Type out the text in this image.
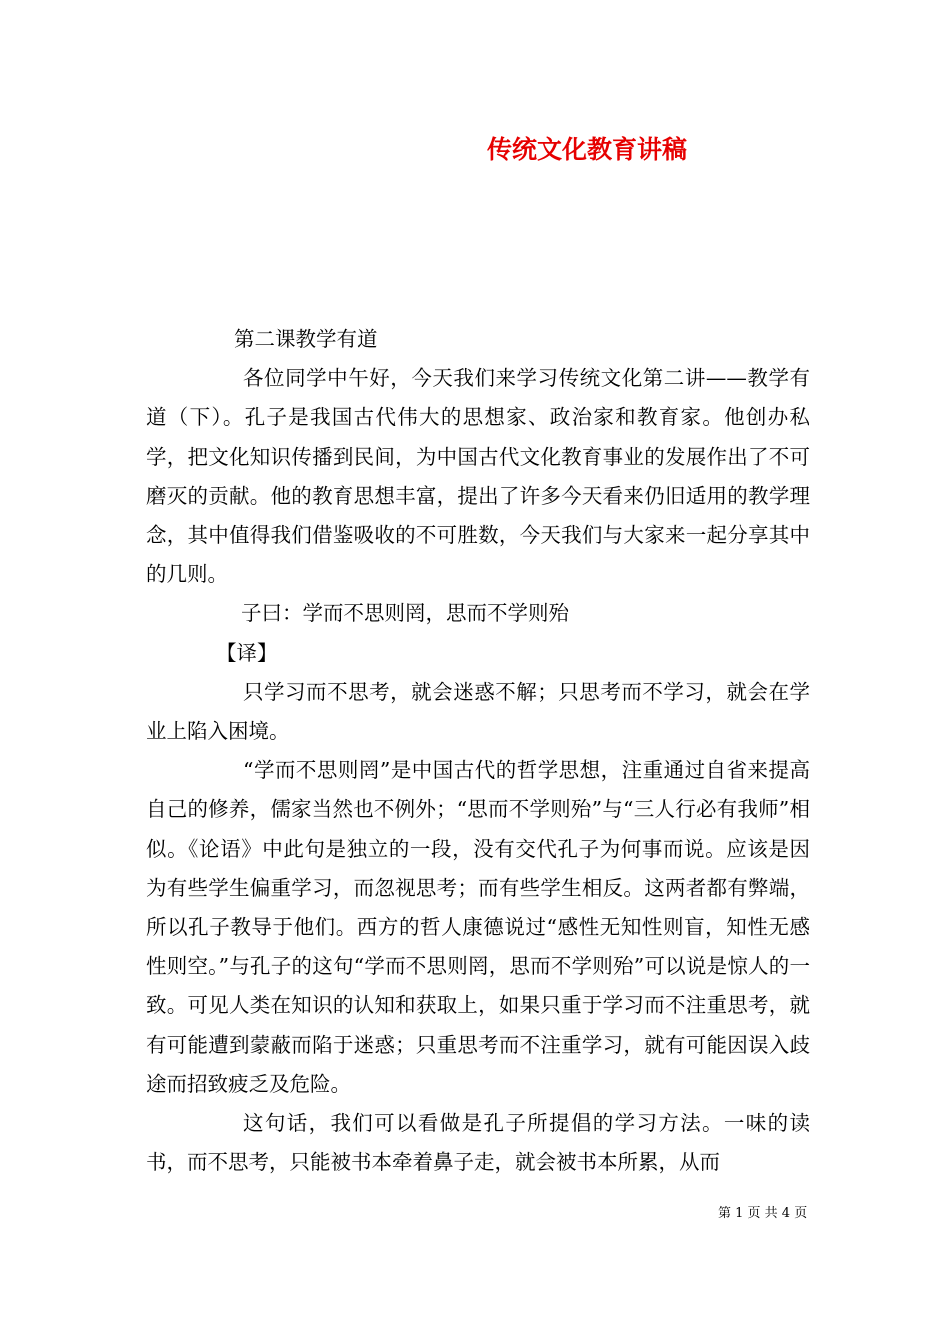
传统文化教育讲稿

第二课教学有道

各位同学中午好，今天我们来学习传统文化第二讲——教学有道（下）。孔子是我国古代伟大的思想家、政治家和教育家。他创办私学，把文化知识传播到民间，为中国古代文化教育事业的发展作出了不可磨灭的贡献。他的教育思想丰富，提出了许多今天看来仍旧适用的教学理念，其中值得我们借鉴吸收的不可胜数，今天我们与大家来一起分享其中的几则。

子曰：学而不思则罔，思而不学则殆

【译】

只学习而不思考，就会迷惑不解；只思考而不学习，就会在学业上陷入困境。

“学而不思则罔”是中国古代的哲学思想，注重通过自省来提高自己的修养，儒家当然也不例外；“思而不学则殆”与“三人行必有我师”相似。《论语》中此句是独立的一段，没有交代孔子为何事而说。应该是因为有些学生偏重学习，而忽视思考；而有些学生相反。这两者都有弊端，所以孔子教导于他们。西方的哲人康德说过“感性无知性则盲，知性无感性则空。”与孔子的这句“学而不思则罔，思而不学则殆”可以说是惊人的一致。可见人类在知识的认知和获取上，如果只重于学习而不注重思考，就有可能遭到蒙蔽而陷于迷惑；只重思考而不注重学习，就有可能因误入歧途而招致疲乏及危险。

这句话，我们可以看做是孔子所提倡的学习方法。一味的读书，而不思考，只能被书本牵着鼻子走，就会被书本所累，从而

第 1 页 共 4 页
